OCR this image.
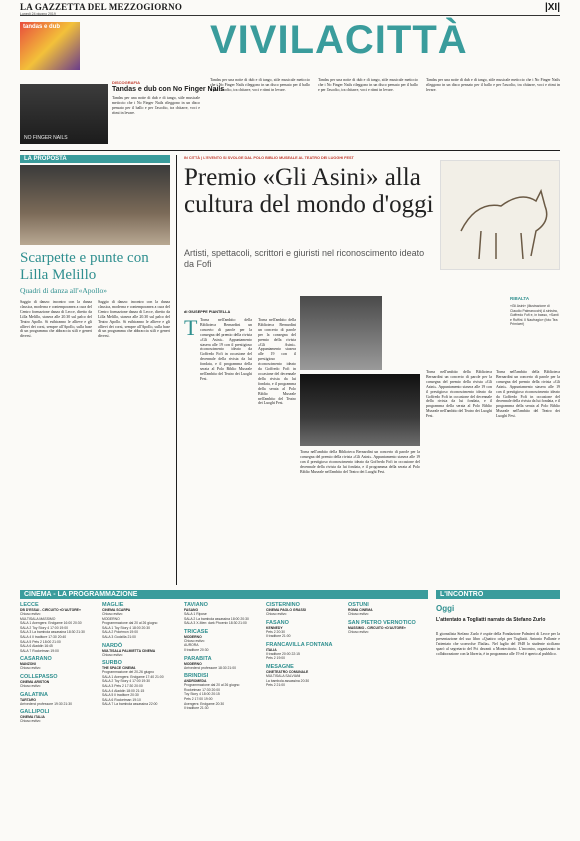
LA GAZZETTA DEL MEZZOGIORNO
Lunedì 24 giugno 2019
|XI|
tandas e dub	VIVILACITTÀ
DISCOGRAFIA
Tandas e dub con No Finger Nails
NO FINGER NAILS
Tandas per una notte di dub e di tango, stile musicale meticcio che i No Finger Nails rileggono in un disco pensato per il ballo e per l'ascolto, tra chitarre, voci e ritmi in levare.
Tandas per una notte di dub e di tango, stile musicale meticcio che i No Finger Nails rileggono in un disco pensato per il ballo e per l'ascolto, tra chitarre, voci e ritmi in levare.
Tandas per una notte di dub e di tango, stile musicale meticcio che i No Finger Nails rileggono in un disco pensato per il ballo e per l'ascolto, tra chitarre, voci e ritmi in levare.
Tandas per una notte di dub e di tango, stile musicale meticcio che i No Finger Nails rileggono in un disco pensato per il ballo e per l'ascolto, tra chitarre, voci e ritmi in levare.
LA PROPOSTA
Scarpette e punte con Lilla Melillo
Quadri di danza all'«Apollo»
Saggio di danza: incontro con la danza classica, moderna e contemporanea a cura del Centro formazione danza di Lecce, diretto da Lilla Melillo, stasera alle 20.30 sul palco del Teatro Apollo. Si esibiranno le allieve e gli allievi dei corsi, sempre all'Apollo, sulla base di un programma che abbraccia stili e generi diversi.
Saggio di danza: incontro con la danza classica, moderna e contemporanea a cura del Centro formazione danza di Lecce, diretto da Lilla Melillo, stasera alle 20.30 sul palco del Teatro Apollo. Si esibiranno le allieve e gli allievi dei corsi, sempre all'Apollo, sulla base di un programma che abbraccia stili e generi diversi.
IN CITTÀ | L'EVENTO SI SVOLGE DAL POLO BIBLIO MUSEALE AL TEATRO DEI LUOGHI FEST
Premio «Gli Asini» alla cultura del mondo d'oggi
Artisti, spettacoli, scrittori e giuristi nel riconoscimento ideato da Fofi
RIBALTA
«Gli Asini» (illustrazione di Claudio Palmarocchi) A sinistra, Goffredo Fofi e, in basso, «Santi e Ruffini. Il Naufragio» (foto Tea Primiceri)
di GIUSEPPE PIANTELLA
T Torna nell'ambito della Biblioteca Bernardini un concerto di parole per la consegna del premio della rivista «Gli Asini». Appuntamento stasera alle 19 con il prestigioso riconoscimento ideato da Goffredo Fofi in occasione del decennale della rivista da lui fondata, e il programma della serata al Polo Biblio Museale nell'ambito del Teatro dei Luoghi Fest.
Torna nell'ambito della Biblioteca Bernardini un concerto di parole per la consegna del premio della rivista «Gli Asini». Appuntamento stasera alle 19 con il prestigioso riconoscimento ideato da Goffredo Fofi in occasione del decennale della rivista da lui fondata, e il programma della serata al Polo Biblio Museale nell'ambito del Teatro dei Luoghi Fest.
Torna nell'ambito della Biblioteca Bernardini un concerto di parole per la consegna del premio della rivista «Gli Asini». Appuntamento stasera alle 19 con il prestigioso riconoscimento ideato da Goffredo Fofi in occasione del decennale della rivista da lui fondata, e il programma della serata al Polo Biblio Museale nell'ambito del Teatro dei Luoghi Fest.
Torna nell'ambito della Biblioteca Bernardini un concerto di parole per la consegna del premio della rivista «Gli Asini». Appuntamento stasera alle 19 con il prestigioso riconoscimento ideato da Goffredo Fofi in occasione del decennale della rivista da lui fondata, e il programma della serata al Polo Biblio Museale nell'ambito del Teatro dei Luoghi Fest.
Torna nell'ambito della Biblioteca Bernardini un concerto di parole per la consegna del premio della rivista «Gli Asini». Appuntamento stasera alle 19 con il prestigioso riconoscimento ideato da Goffredo Fofi in occasione del decennale della rivista da lui fondata, e il programma della serata al Polo Biblio Museale nell'ambito del Teatro dei Luoghi Fest.
CINEMA - LA PROGRAMMAZIONE	L'INCONTRO
LECCE
DB D'ESSAI - CIRCUITO «D'AUTORE»
Chiuso estivo
MULTISALA MASSIMO
SALA 1 Avengers: Endgame 16:00 20:30
SALA 2 Toy Story 4 17:00 19:00
SALA 3 La bambola assassina 18:30 21:30
SALA 4 Il traditore 17:30 20:40
SALA 5 Pets 2 18:00 21:00
SALA 6 Aladdin 16:45
SALA 7 Rocketman 19:00
CASARANO
MANZONI
Chiuso estivo
COLLEPASSO
CINEMA ARISTON
Chiuso estivo
GALATINA
TARTARO
Arrivederci professore 19:30 21:30
GALLIPOLI
CINEMA ITALIA
Chiuso estivo
MAGLIE
CINEMA SCARPA
Chiuso estivo
MODERNO
Programmazione dal 20 al 26 giugno
SALA 1 Toy Story 4 18:00 20:30
SALA 2 Pokémon 19:00
SALA 3 Godzilla 21:00
NARDÒ
MULTISALA PALMIETTA CINEMA
Chiuso estivo
SURBO
THE SPACE CINEMA
Programmazione del 20-26 giugno
SALA 1 Avengers: Endgame 17:40 21:00
SALA 2 Toy Story 4 17:00 19:30
SALA 3 Pets 2 17:30 20:00
SALA 4 Aladdin 18:00 21:15
SALA 5 Il traditore 20:30
SALA 6 Rocketman 19:10
SALA 7 La bambola assassina 22:00
TAVIANO
FASANO
SALA 1 Ripose
SALA 2 La bambola assassina 18:00 20:30
SALA 3 X-Men: dark Phoenix 18:30 21:00
TRICASE
MODERNO
Chiuso estivo
AURORA
Il traditore 20:30
PARABITA
MODERNO
Arrivederci professore 18:30 21:00
BRINDISI
ANDROMEDA
Programmazione dal 20 al 26 giugno
Rocketman 17:30 20:00
Toy Story 4 18:00 20:15
Pets 2 17:00 19:00
Avengers: Endgame 20:30
Il traditore 21:30
CISTERNINO
CINEMA PAOLO GRASSI
Chiuso estivo
FASANO
KENNEDY
Pets 2 20:30
Il traditore 21:00
FRANCAVILLA FONTANA
ITALIA
Il traditore 20:00 22:15
Pets 2 19:00
MESAGNE
CINETEATRO COMUNALE
MULTISALA SALVIANI
La bambola assassina 20:30
Pets 2 21:00
OSTUNI
ROMA CINEMA
Chiuso estivo
SAN PIETRO VERNOTICO
MASSIMO - CIRCUITO «D'AUTORE»
Chiuso estivo
Oggi
L'attentato a Togliatti narrato da Stefano Zurlo
Il giornalista Stefano Zurlo è ospite della Fondazione Palmieri di Lecce per la presentazione del suo libro «Quattro colpi per Togliatti. Antonio Pallante e l'attentato che sconvolse l'Italia». Nel luglio del 1948 lo studente siciliano sparò al segretario del Pci davanti a Montecitorio. L'incontro, organizzato in collaborazione con la libreria, è in programma alle 19 ed è aperto al pubblico.
